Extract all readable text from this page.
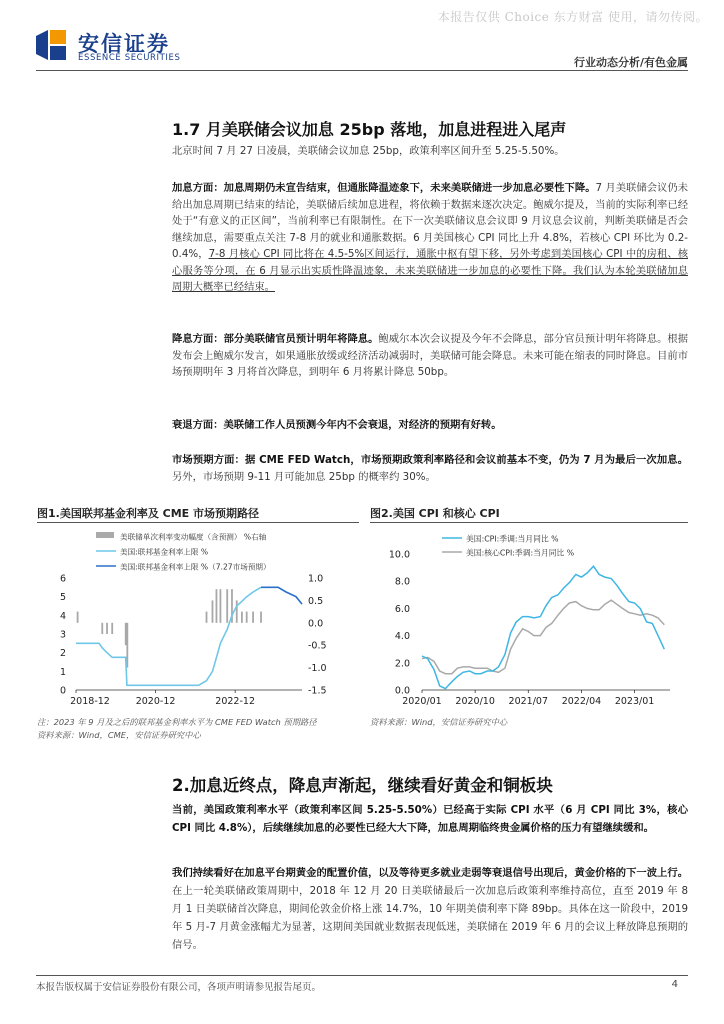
本报告仅供 Choice 东方财富 使用，请勿传阅。
安信证券
ESSENCE SECURITIES	行业动态分析/有色金属
1.7 月美联储会议加息 25bp 落地，加息进程进入尾声

北京时间 7 月 27 日凌晨，美联储会议加息 25bp，政策利率区间升至 5.25-5.50%。

加息方面：加息周期仍未宣告结束，但通胀降温迹象下，未来美联储进一步加息必要性下降。7 月美联储会议仍未给出加息周期已结束的结论，美联储后续加息进程，将依赖于数据来逐次决定。鲍威尔提及，当前的实际利率已经处于“有意义的正区间”，当前利率已有限制性。在下一次美联储议息会议即 9 月议息会议前，判断美联储是否会继续加息，需要重点关注 7-8 月的就业和通胀数据。6 月美国核心 CPI 同比上升 4.8%，若核心 CPI 环比为 0.2-0.4%，7-8 月核心 CPI 同比将在 4.5-5%区间运行，通胀中枢有望下移，另外考虑到美国核心 CPI 中的房租、核心服务等分项，在 6 月显示出实质性降温迹象，未来美联储进一步加息的必要性下降。我们认为本轮美联储加息周期大概率已经结束。

降息方面：部分美联储官员预计明年将降息。鲍威尔本次会议提及今年不会降息，部分官员预计明年将降息。根据发布会上鲍威尔发言，如果通胀放缓或经济活动减弱时，美联储可能会降息。未来可能在缩表的同时降息。目前市场预期明年 3 月将首次降息，到明年 6 月将累计降息 50bp。

衰退方面：美联储工作人员预测今年内不会衰退，对经济的预期有好转。

市场预期方面：据 CME FED Watch，市场预期政策利率路径和会议前基本不变，仍为 7 月为最后一次加息。另外，市场预期 9-11 月可能加息 25bp 的概率约 30%。

图1.美国联邦基金利率及 CME 市场预期路径
美联储单次利率变动幅度（含预测） %右轴
美国:联邦基金利率上限 %
美国:联邦基金利率上限 %（7.27市场预期）
0
1
2
3
4
5
6
-1.5
-1.0
-0.5
0.0
0.5
1.0
2018-12	2020-12	2022-12
注：2023 年 9 月及之后的联邦基金利率水平为 CME FED Watch 预期路径
资料来源：Wind，CME，安信证券研究中心
图2.美国 CPI 和核心 CPI
美国:CPI:季调:当月同比 %
美国:核心CPI:季调:当月同比 %
0.0
2.0
4.0
6.0
8.0
10.0
2020/01 2020/10 2021/07 2022/04 2023/01
资料来源：Wind，安信证券研究中心
2.加息近终点，降息声渐起，继续看好黄金和铜板块

当前，美国政策利率水平（政策利率区间 5.25-5.50%）已经高于实际 CPI 水平（6 月 CPI 同比 3%，核心 CPI 同比 4.8%），后续继续加息的必要性已经大大下降，加息周期临终贵金属价格的压力有望继续缓和。

我们持续看好在加息平台期黄金的配置价值，以及等待更多就业走弱等衰退信号出现后，黄金价格的下一波上行。在上一轮美联储政策周期中，2018 年 12 月 20 日美联储最后一次加息后政策利率维持高位，直至 2019 年 8 月 1 日美联储首次降息，期间伦敦金价格上涨 14.7%，10 年期美债利率下降 89bp。具体在这一阶段中，2019 年 5 月-7 月黄金涨幅尤为显著，这期间美国就业数据表现低迷，美联储在 2019 年 6 月的会议上释放降息预期的信号。

本报告版权属于安信证券股份有限公司，各项声明请参见报告尾页。	4
